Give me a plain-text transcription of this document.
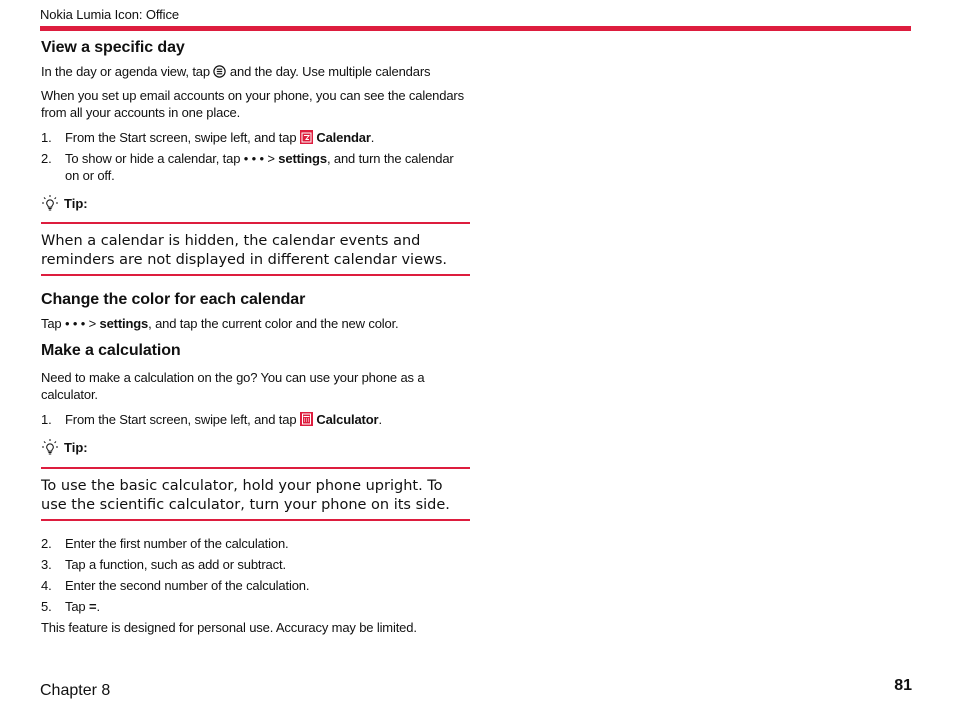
Nokia Lumia Icon: Office
View a specific day

In the day or agenda view, tap and the day. Use multiple calendars

When you set up email accounts on your phone, you can see the calendars from all your accounts in one place.

1. From the Start screen, swipe left, and tap Calendar.
2. To show or hide a calendar, tap • • • > settings, and turn the calendar on or off.
Tip:
When a calendar is hidden, the calendar events and reminders are not displayed in different calendar views.
Change the color for each calendar

Tap • • • > settings, and tap the current color and the new color.

Make a calculation

Need to make a calculation on the go? You can use your phone as a calculator.

1. From the Start screen, swipe left, and tap Calculator.
Tip:
To use the basic calculator, hold your phone upright. To use the scientific calculator, turn your phone on its side.
2. Enter the first number of the calculation.
3. Tap a function, such as add or subtract.
4. Enter the second number of the calculation.
5. Tap =.

This feature is designed for personal use. Accuracy may be limited.

Chapter 8	81
